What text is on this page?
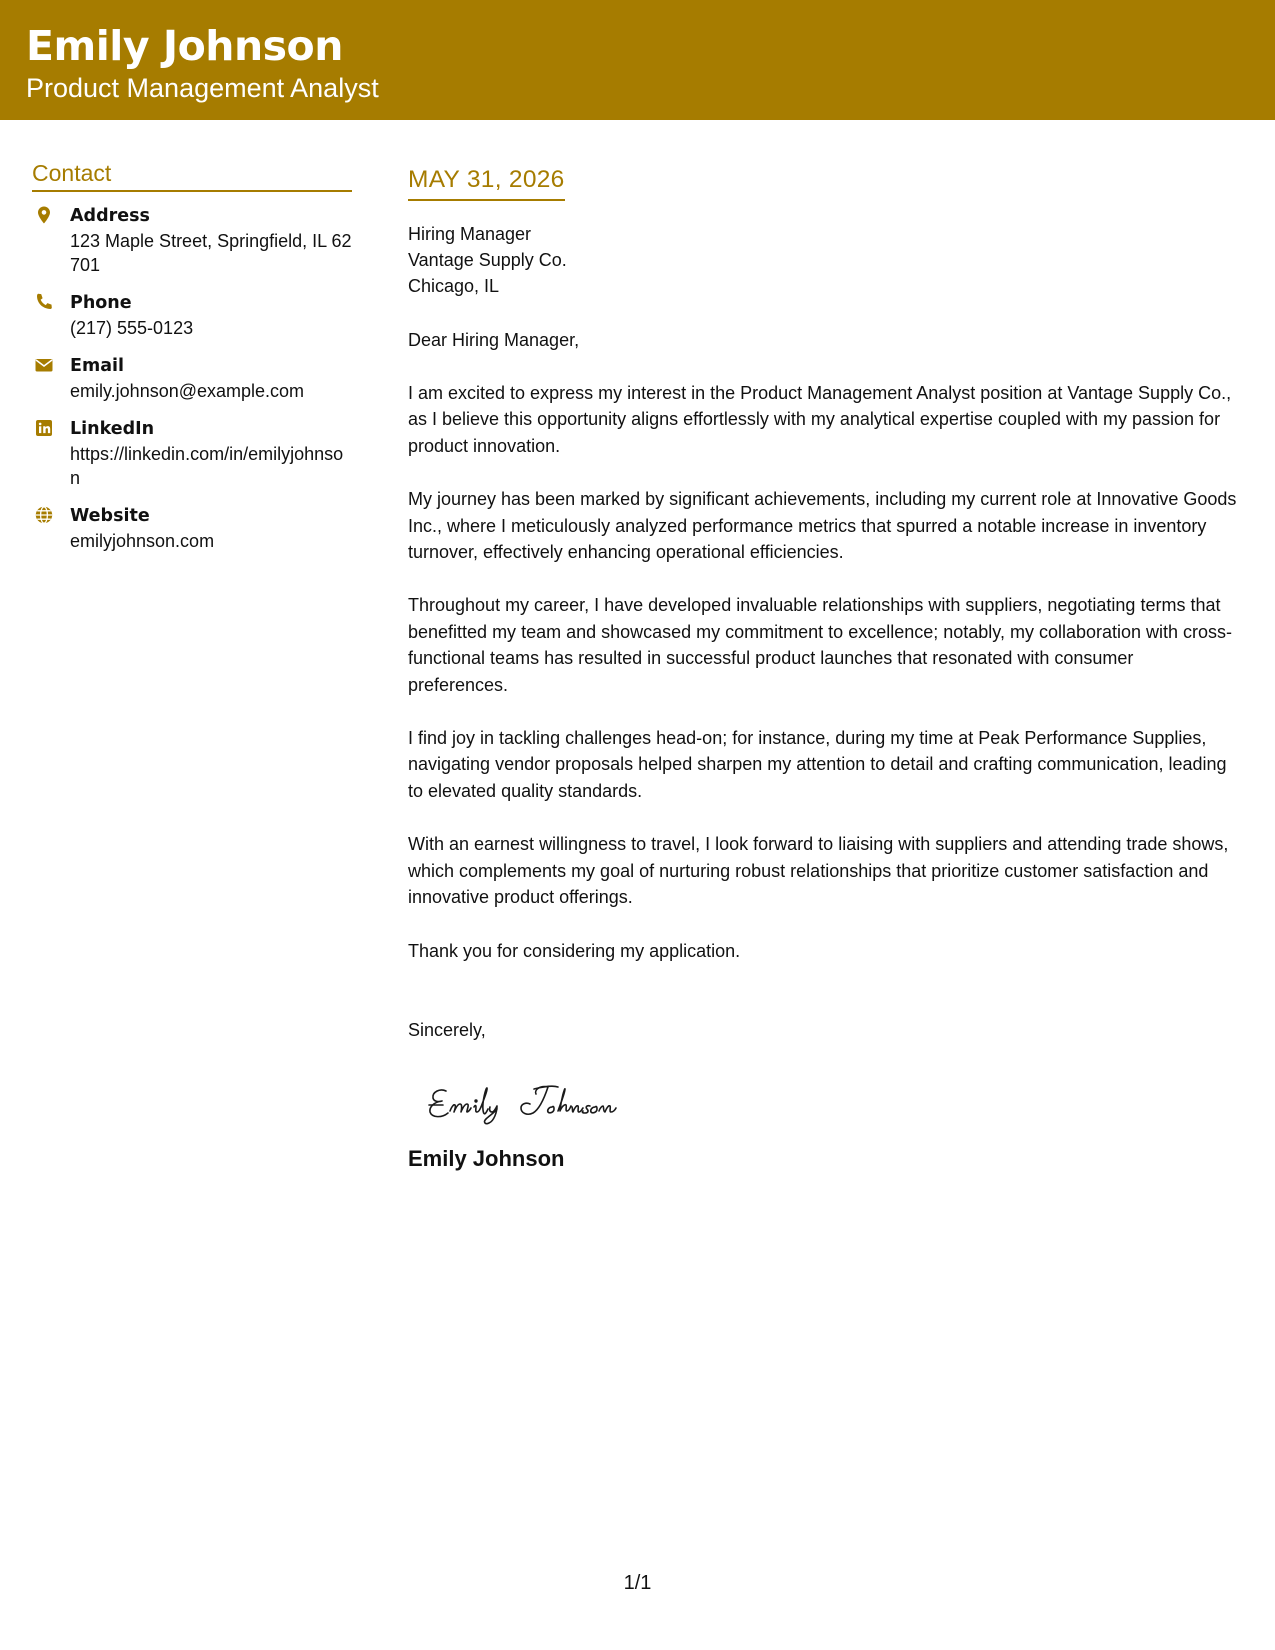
Emily Johnson
Product Management Analyst
Contact
Address
123 Maple Street, Springfield, IL 62701
Phone
(217) 555-0123
Email
emily.johnson@example.com
LinkedIn
https://linkedin.com/in/emilyjohnson
Website
emilyjohnson.com
MAY 31, 2026

Hiring Manager

Vantage Supply Co.

Chicago, IL

Dear Hiring Manager,

I am excited to express my interest in the Product Management Analyst position at Vantage Supply Co., as I believe this opportunity aligns effortlessly with my analytical expertise coupled with my passion for product innovation.

My journey has been marked by significant achievements, including my current role at Innovative Goods Inc., where I meticulously analyzed performance metrics that spurred a notable increase in inventory turnover, effectively enhancing operational efficiencies.

Throughout my career, I have developed invaluable relationships with suppliers, negotiating terms that benefitted my team and showcased my commitment to excellence; notably, my collaboration with cross-functional teams has resulted in successful product launches that resonated with consumer preferences.

I find joy in tackling challenges head-on; for instance, during my time at Peak Performance Supplies, navigating vendor proposals helped sharpen my attention to detail and crafting communication, leading to elevated quality standards.

With an earnest willingness to travel, I look forward to liaising with suppliers and attending trade shows, which complements my goal of nurturing robust relationships that prioritize customer satisfaction and innovative product offerings.

Thank you for considering my application.

Sincerely,

Emily Johnson
1/1
